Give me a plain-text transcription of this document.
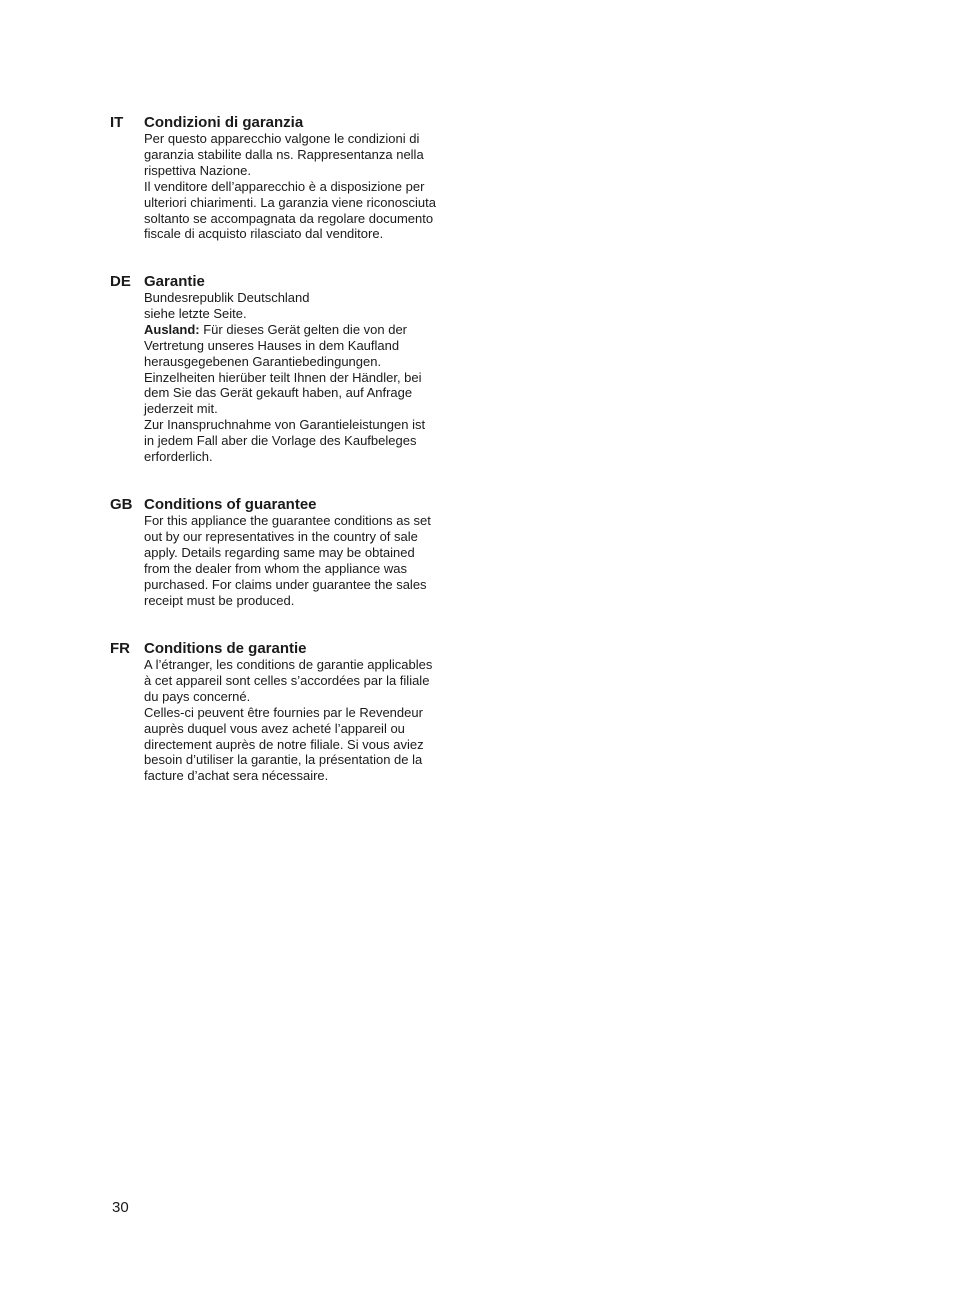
IT Condizioni di garanzia
Per questo apparecchio valgone le condizioni di
garanzia stabilite dalla ns. Rappresentanza nella
rispettiva Nazione.
Il venditore dell’apparecchio è a disposizione per
ulteriori chiarimenti. La garanzia viene riconosciuta
soltanto se accompagnata da regolare documento
fiscale di acquisto rilasciato dal venditore.
DE Garantie
Bundesrepublik Deutschland
siehe letzte Seite.
Ausland: Für dieses Gerät gelten die von der
Vertretung unseres Hauses in dem Kaufland
herausgegebenen Garantiebedingungen.
Einzelheiten hierüber teilt Ihnen der Händler, bei
dem Sie das Gerät gekauft haben, auf Anfrage
jederzeit mit.
Zur Inanspruchnahme von Garantieleistungen ist
in jedem Fall aber die Vorlage des Kaufbeleges
erforderlich.
GB Conditions of guarantee
For this appliance the guarantee conditions as set
out by our representatives in the country of sale
apply. Details regarding same may be obtained
from the dealer from whom the appliance was
purchased. For claims under guarantee the sales
receipt must be produced.
FR Conditions de garantie
A l’étranger, les conditions de garantie applicables
à cet appareil sont celles s’accordées par la filiale
du pays concerné.
Celles-ci peuvent être fournies par le Revendeur
auprès duquel vous avez acheté l’appareil ou
directement auprès de notre filiale. Si vous aviez
besoin d’utiliser la garantie, la présentation de la
facture d’achat sera nécessaire.
30
